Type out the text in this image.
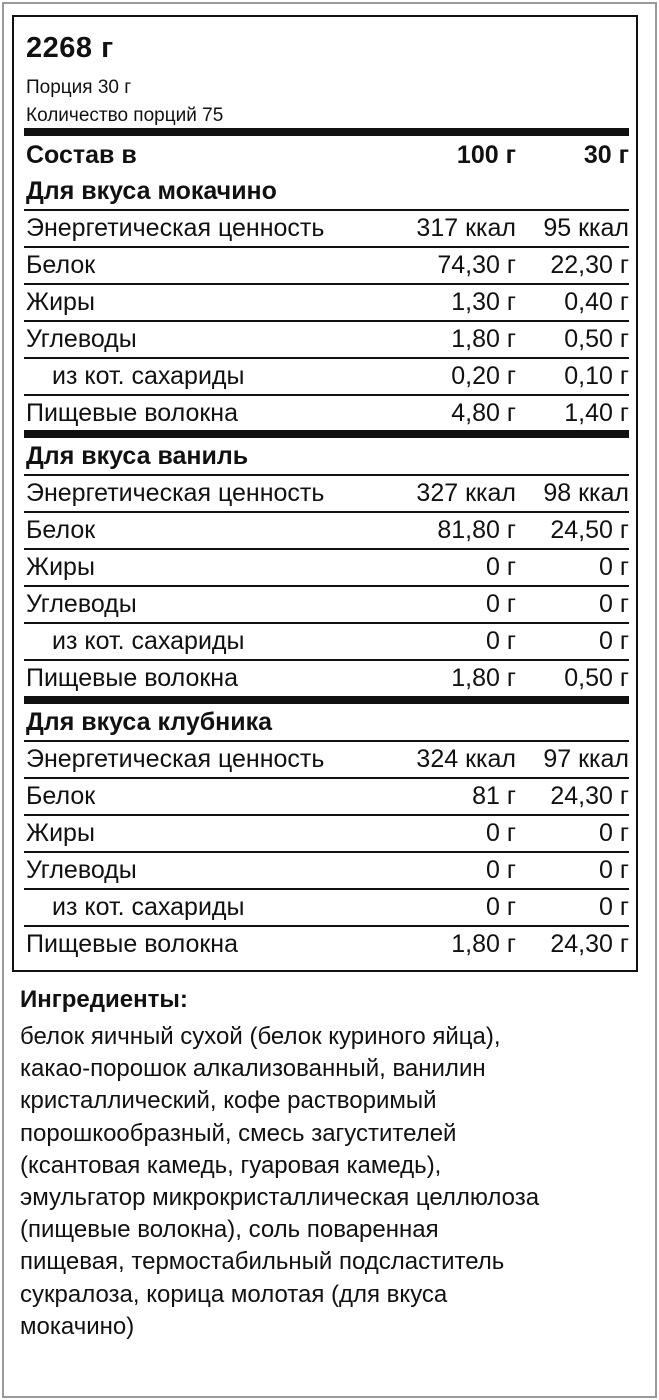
2268 г
Порция 30 г
Количество порций 75
Состав в	100 г	30 г
Для вкуса мокачино
Энергетическая ценность	317 ккал 95 ккал
Белок	74,30 г 22,30 г
Жиры	1,30 г 0,40 г
Углеводы	1,80 г 0,50 г
из кот. сахариды	0,20 г 0,10 г
Пищевые волокна	4,80 г 1,40 г
Для вкуса ваниль
Энергетическая ценность	327 ккал 98 ккал
Белок	81,80 г 24,50 г
Жиры	0 г	0 г
Углеводы	0 г	0 г
из кот. сахариды	0 г	0 г
Пищевые волокна	1,80 г 0,50 г
Для вкуса клубника
Энергетическая ценность	324 ккал 97 ккал
Белок	81 г 24,30 г
Жиры	0 г	0 г
Углеводы	0 г	0 г
из кот. сахариды	0 г	0 г
Пищевые волокна	1,80 г 24,30 г
Ингредиенты:
белок яичный сухой (белок куриного яйца),
какао-порошок алкализованный, ванилин
кристаллический, кофе растворимый
порошкообразный, смесь загустителей
(ксантовая камедь, гуаровая камедь),
эмульгатор микрокристаллическая целлюлоза
(пищевые волокна), соль поваренная
пищевая, термостабильный подсластитель
сукралоза, корица молотая (для вкуса
мокачино)
